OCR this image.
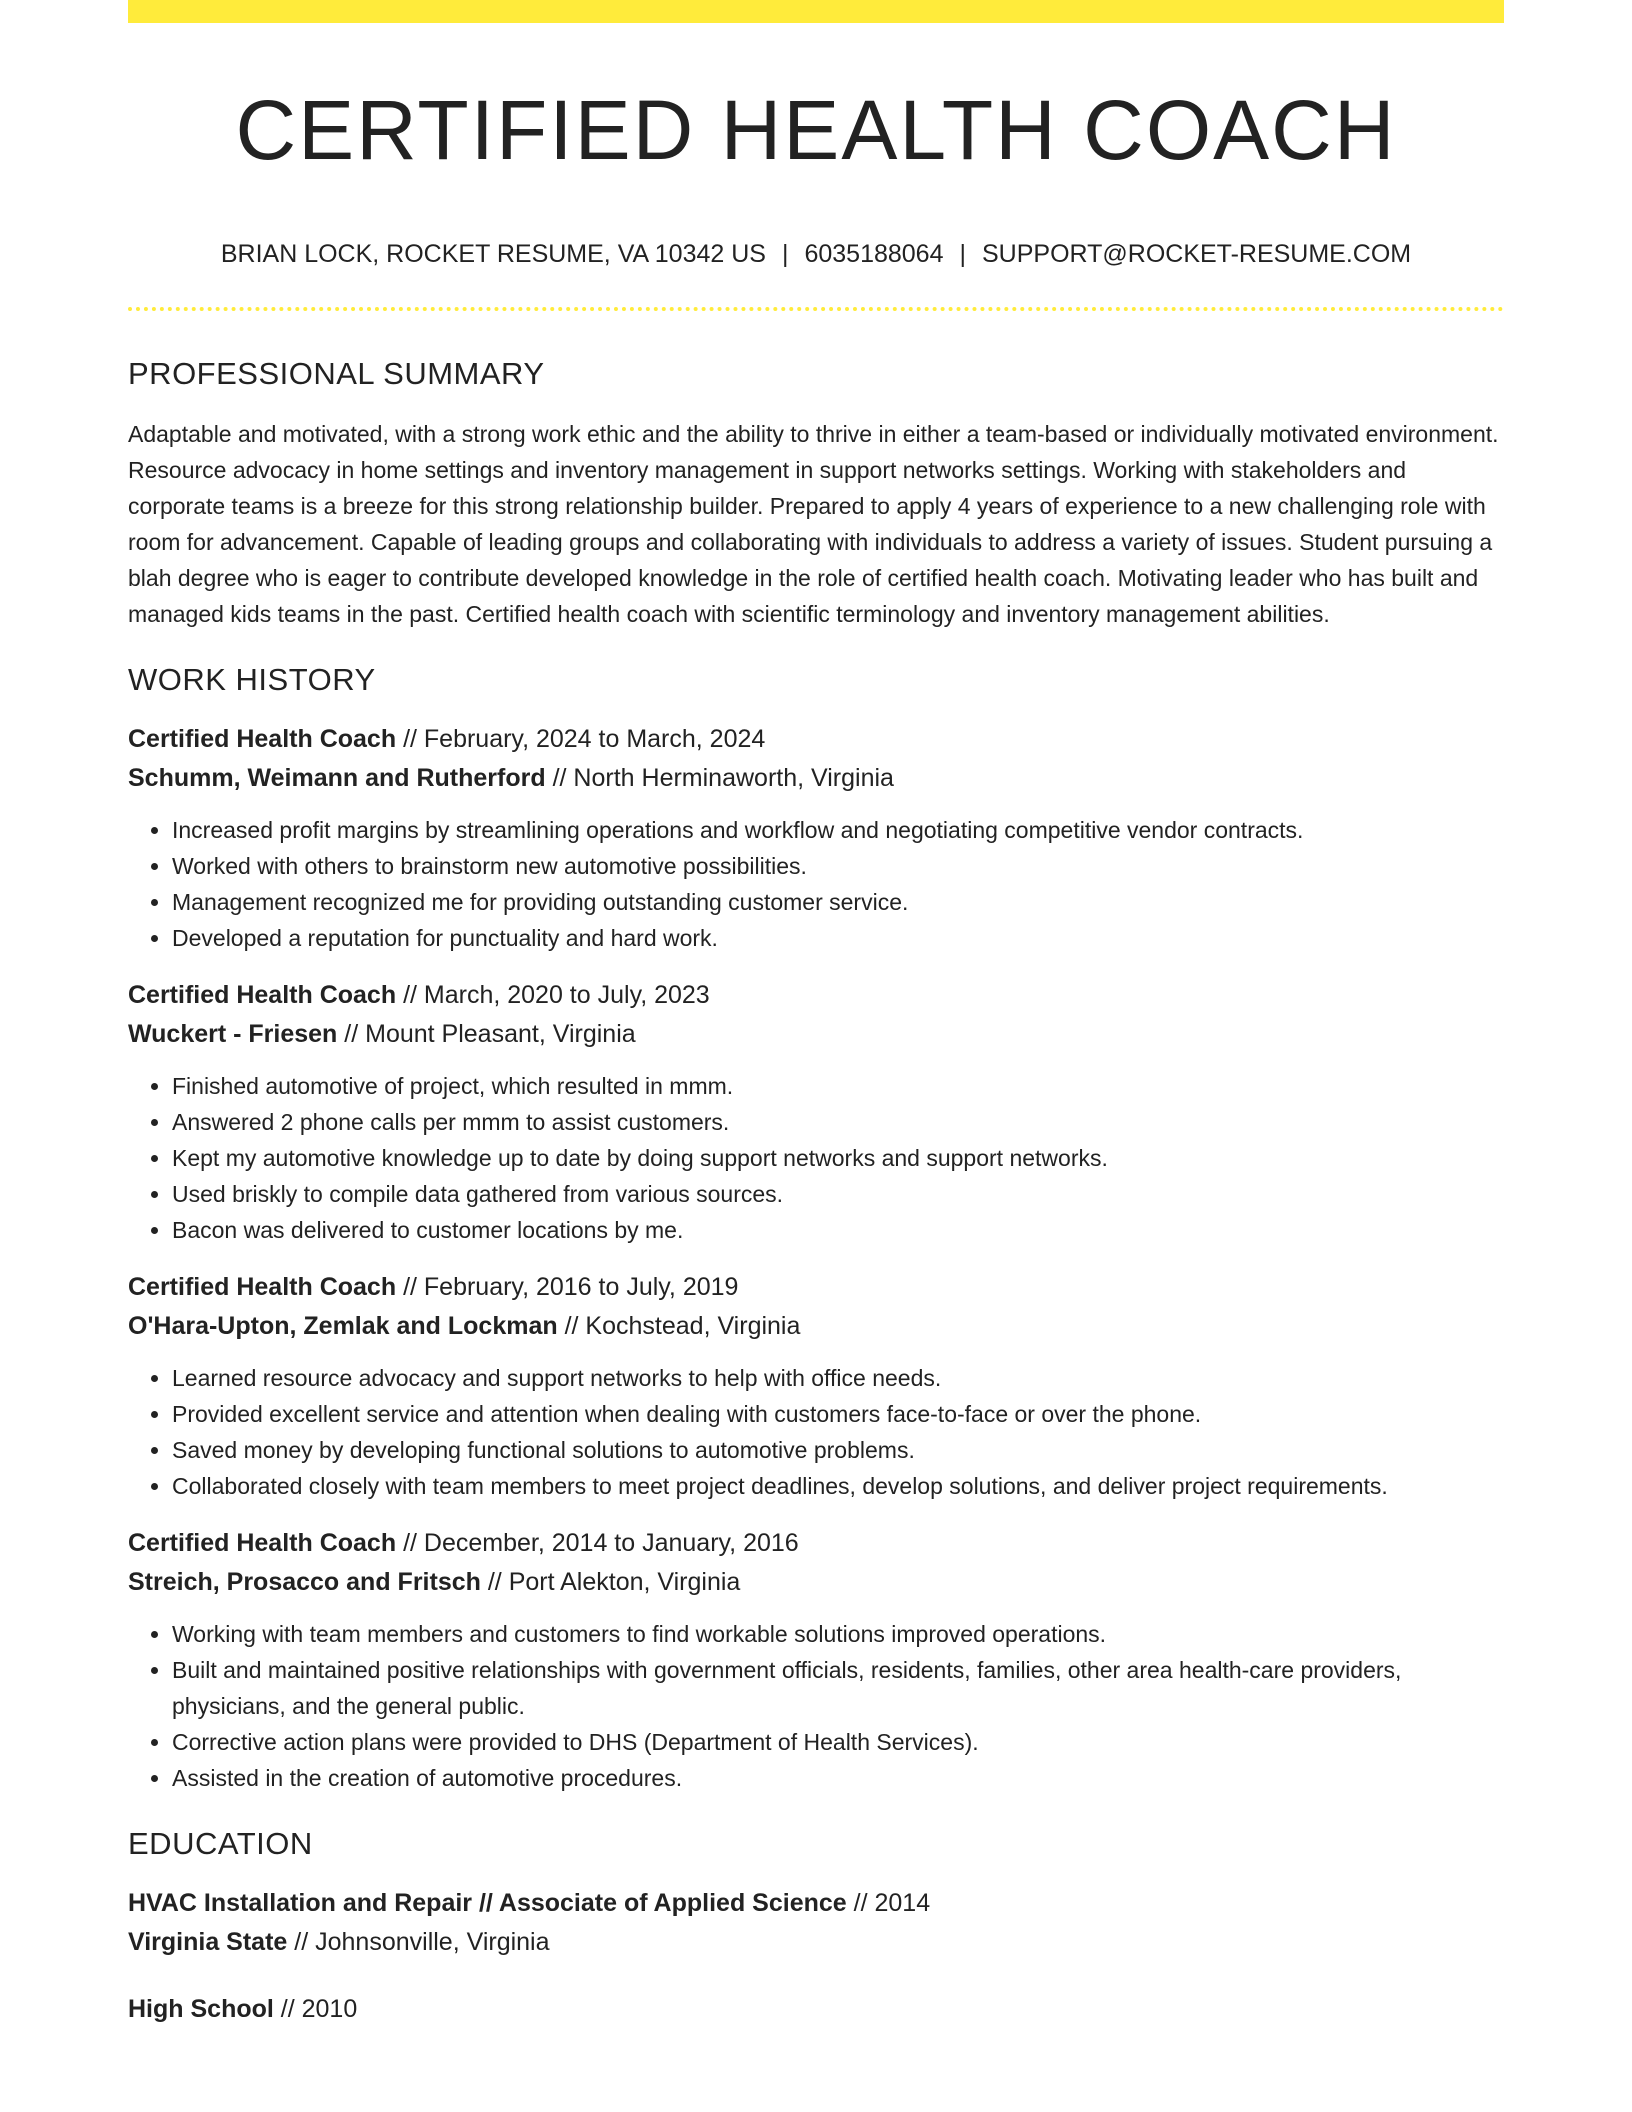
CERTIFIED HEALTH COACH
BRIAN LOCK, ROCKET RESUME, VA 10342 US | 6035188064 | SUPPORT@ROCKET-RESUME.COM
PROFESSIONAL SUMMARY

Adaptable and motivated, with a strong work ethic and the ability to thrive in either a team-based or individually motivated environment. Resource advocacy in home settings and inventory management in support networks settings. Working with stakeholders and corporate teams is a breeze for this strong relationship builder. Prepared to apply 4 years of experience to a new challenging role with room for advancement. Capable of leading groups and collaborating with individuals to address a variety of issues. Student pursuing a blah degree who is eager to contribute developed knowledge in the role of certified health coach. Motivating leader who has built and managed kids teams in the past. Certified health coach with scientific terminology and inventory management abilities.

WORK HISTORY
Certified Health Coach // February, 2024 to March, 2024
Schumm, Weimann and Rutherford // North Herminaworth, Virginia
• Increased profit margins by streamlining operations and workflow and negotiating competitive vendor contracts.
• Worked with others to brainstorm new automotive possibilities.
• Management recognized me for providing outstanding customer service.
• Developed a reputation for punctuality and hard work.
Certified Health Coach // March, 2020 to July, 2023
Wuckert - Friesen // Mount Pleasant, Virginia
• Finished automotive of project, which resulted in mmm.
• Answered 2 phone calls per mmm to assist customers.
• Kept my automotive knowledge up to date by doing support networks and support networks.
• Used briskly to compile data gathered from various sources.
• Bacon was delivered to customer locations by me.
Certified Health Coach // February, 2016 to July, 2019
O'Hara-Upton, Zemlak and Lockman // Kochstead, Virginia
• Learned resource advocacy and support networks to help with office needs.
• Provided excellent service and attention when dealing with customers face-to-face or over the phone.
• Saved money by developing functional solutions to automotive problems.
• Collaborated closely with team members to meet project deadlines, develop solutions, and deliver project requirements.
Certified Health Coach // December, 2014 to January, 2016
Streich, Prosacco and Fritsch // Port Alekton, Virginia
• Working with team members and customers to find workable solutions improved operations.
• Built and maintained positive relationships with government officials, residents, families, other area health-care providers, physicians, and the general public.
• Corrective action plans were provided to DHS (Department of Health Services).
• Assisted in the creation of automotive procedures.
EDUCATION
HVAC Installation and Repair // Associate of Applied Science // 2014
Virginia State // Johnsonville, Virginia
High School // 2010
